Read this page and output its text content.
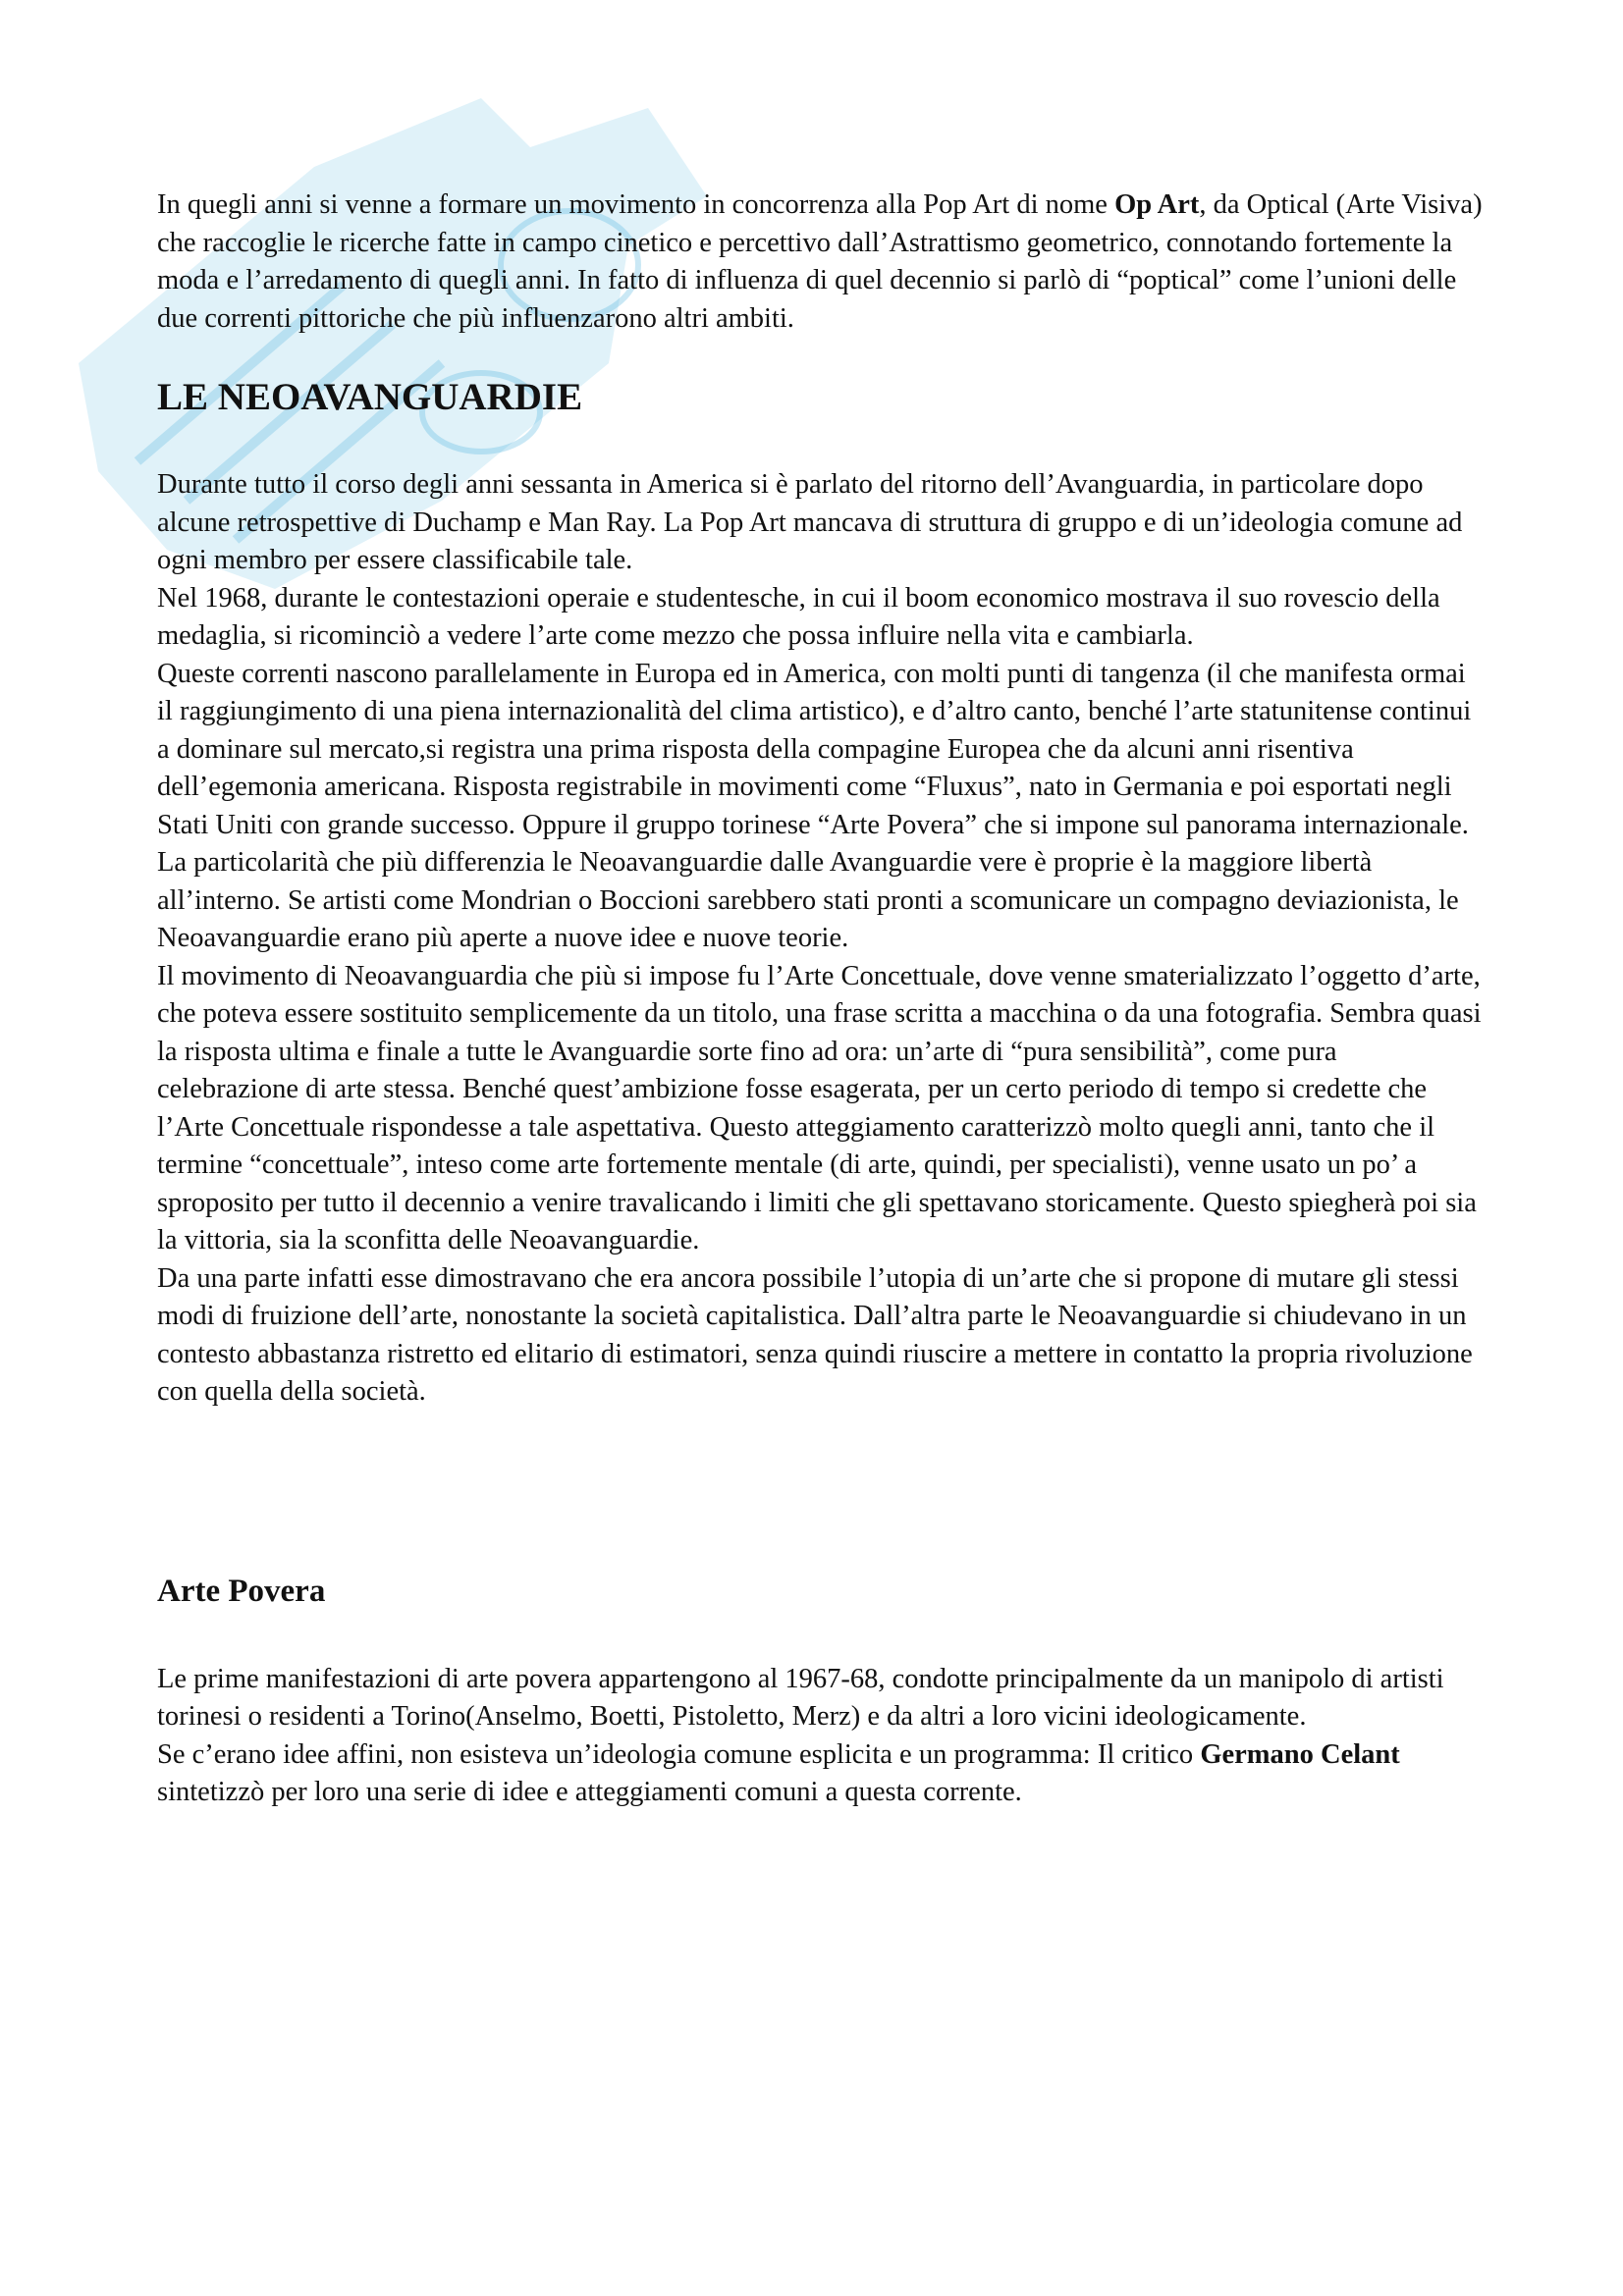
In quegli anni si venne a formare un movimento in concorrenza alla Pop Art di nome Op Art, da Optical (Arte Visiva) che raccoglie le ricerche fatte in campo cinetico e percettivo dall’Astrattismo geometrico, connotando fortemente la moda e l’arredamento di quegli anni. In fatto di influenza di quel decennio si parlò di “poptical” come l’unioni delle due correnti pittoriche che più influenzarono altri ambiti.

LE NEOAVANGUARDIE

Durante tutto il corso degli anni sessanta in America si è parlato del ritorno dell’Avanguardia, in particolare dopo alcune retrospettive di Duchamp e Man Ray. La Pop Art mancava di struttura di gruppo e di un’ideologia comune ad ogni membro per essere classificabile tale.

Nel 1968, durante le contestazioni operaie e studentesche, in cui il boom economico mostrava il suo rovescio della medaglia, si ricominciò a vedere l’arte come mezzo che possa influire nella vita e cambiarla.

Queste correnti nascono parallelamente in Europa ed in America, con molti punti di tangenza (il che manifesta ormai il raggiungimento di una piena internazionalità del clima artistico), e d’altro canto, benché l’arte statunitense continui a dominare sul mercato,si registra una prima risposta della compagine Europea che da alcuni anni risentiva dell’egemonia americana. Risposta registrabile in movimenti come “Fluxus”, nato in Germania e poi esportati negli Stati Uniti con grande successo. Oppure il gruppo torinese “Arte Povera” che si impone sul panorama internazionale. La particolarità che più differenzia le Neoavanguardie dalle Avanguardie vere è proprie è la maggiore libertà all’interno. Se artisti come Mondrian o Boccioni sarebbero stati pronti a scomunicare un compagno deviazionista, le Neoavanguardie erano più aperte a nuove idee e nuove teorie.

Il movimento di Neoavanguardia che più si impose fu l’Arte Concettuale, dove venne smaterializzato l’oggetto d’arte, che poteva essere sostituito semplicemente da un titolo, una frase scritta a macchina o da una fotografia. Sembra quasi la risposta ultima e finale a tutte le Avanguardie sorte fino ad ora: un’arte di “pura sensibilità”, come pura celebrazione di arte stessa. Benché quest’ambizione fosse esagerata, per un certo periodo di tempo si credette che l’Arte Concettuale rispondesse a tale aspettativa. Questo atteggiamento caratterizzò molto quegli anni, tanto che il termine “concettuale”, inteso come arte fortemente mentale (di arte, quindi, per specialisti), venne usato un po’ a sproposito per tutto il decennio a venire travalicando i limiti che gli spettavano storicamente. Questo spiegherà poi sia la vittoria, sia la sconfitta delle Neoavanguardie.

Da una parte infatti esse dimostravano che era ancora possibile l’utopia di un’arte che si propone di mutare gli stessi modi di fruizione dell’arte, nonostante la società capitalistica. Dall’altra parte le Neoavanguardie si chiudevano in un contesto abbastanza ristretto ed elitario di estimatori, senza quindi riuscire a mettere in contatto la propria rivoluzione con quella della società.

Arte Povera

Le prime manifestazioni di arte povera appartengono al 1967-68, condotte principalmente da un manipolo di artisti torinesi o residenti a Torino(Anselmo, Boetti, Pistoletto, Merz) e da altri a loro vicini ideologicamente.

Se c’erano idee affini, non esisteva un’ideologia comune esplicita e un programma: Il critico Germano Celant sintetizzò per loro una serie di idee e atteggiamenti comuni a questa corrente.
